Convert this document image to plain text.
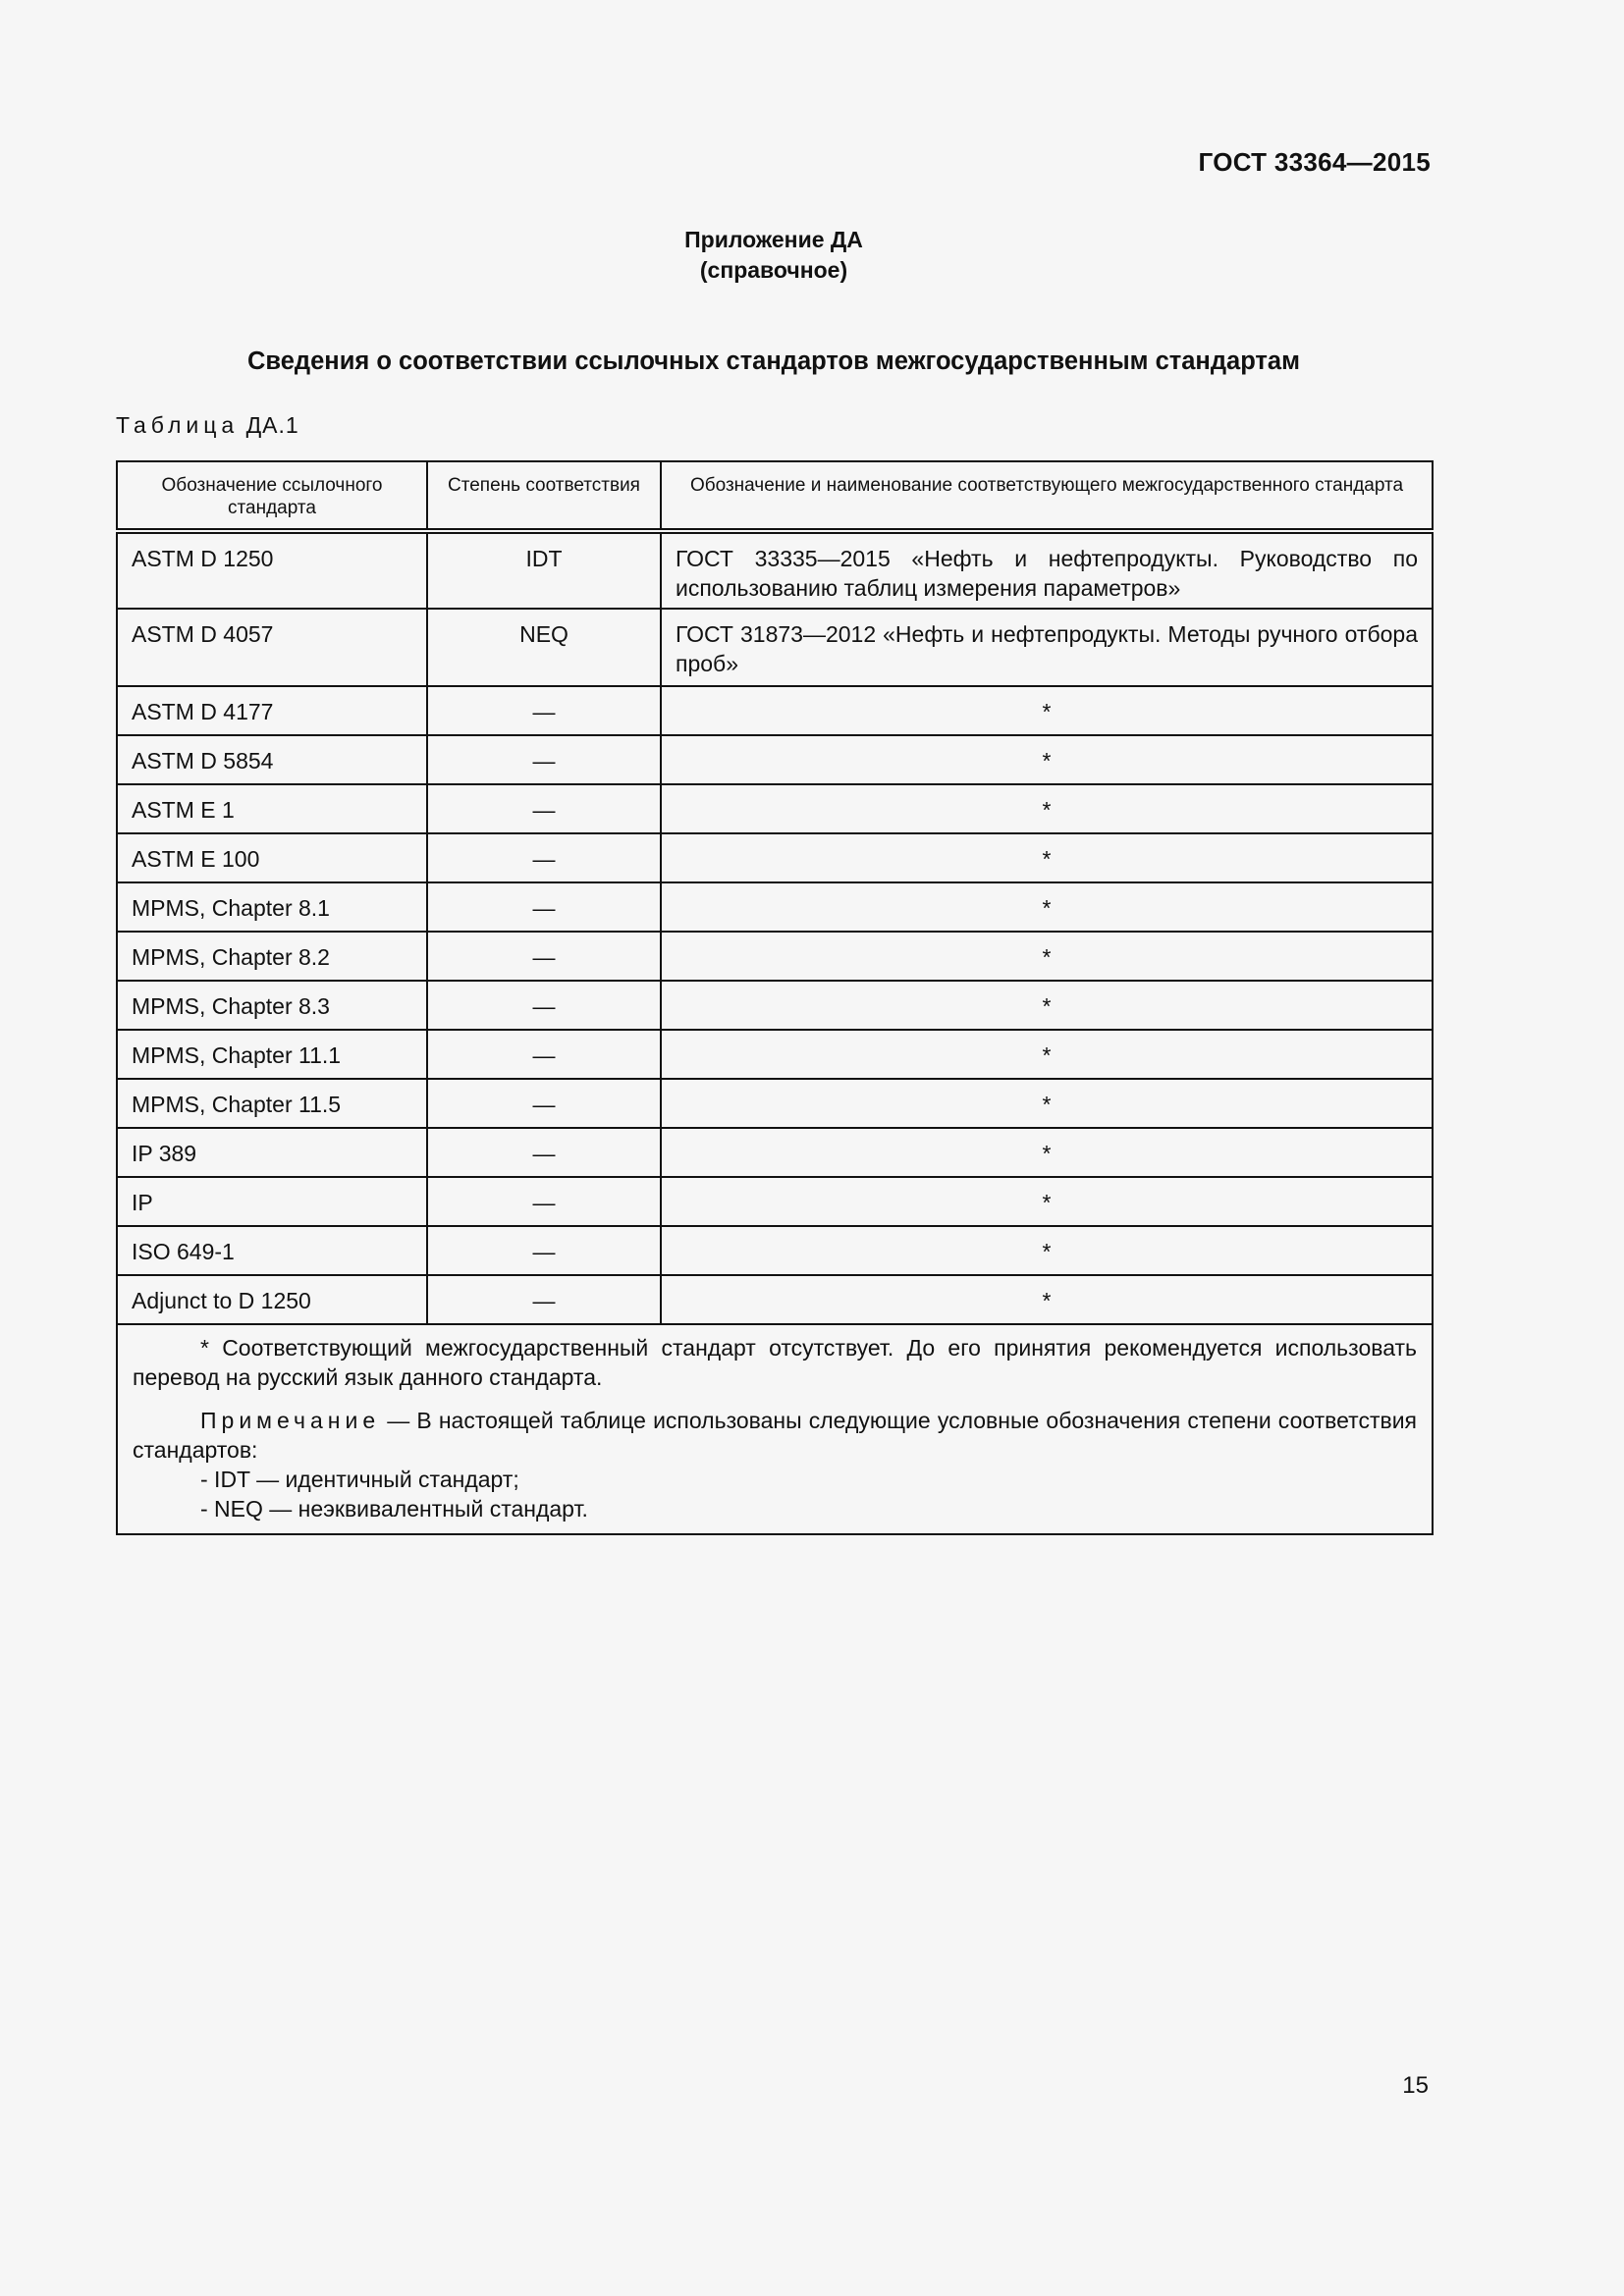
ГОСТ 33364—2015
Приложение ДА
(справочное)
Сведения о соответствии ссылочных стандартов межгосударственным стандартам
Таблица ДА.1
Обозначение ссылочного стандарта	Степень соответствия	Обозначение и наименование соответствующего межгосударственного стандарта
ASTM D 1250	IDT	ГОСТ 33335—2015 «Нефть и нефтепродукты. Руководство по использованию таблиц измерения параметров»
ASTM D 4057	NEQ	ГОСТ 31873—2012 «Нефть и нефтепродукты. Методы ручного отбора проб»
ASTM D 4177	—	*
ASTM D 5854	—	*
ASTM E 1	—	*
ASTM E 100	—	*
MPMS, Chapter 8.1	—	*
MPMS, Chapter 8.2	—	*
MPMS, Chapter 8.3	—	*
MPMS, Chapter 11.1	—	*
MPMS, Chapter 11.5	—	*
IP 389	—	*
IP	—	*
ISO 649-1	—	*
Adjunct to D 1250	—	*

* Соответствующий межгосударственный стандарт отсутствует. До его принятия рекомендуется использовать перевод на русский язык данного стандарта.

Примечание — В настоящей таблице использованы следующие условные обозначения степени соответствия стандартов:

- IDT — идентичный стандарт;

- NEQ — неэквивалентный стандарт.		

15
